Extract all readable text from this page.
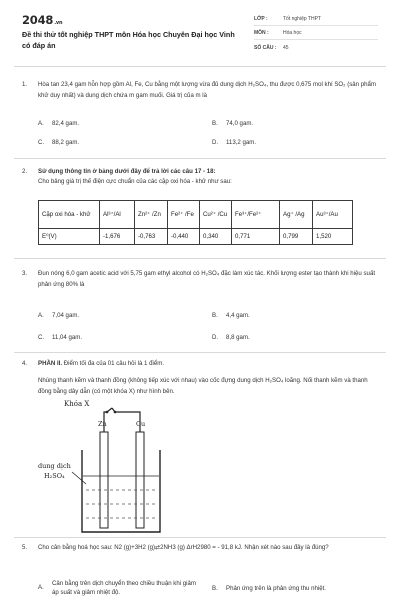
2048.vn
Đề thi thử tốt nghiệp THPT môn Hóa học Chuyên Đại học Vinh có đáp án
LỚP :	Tốt nghiệp THPT
MÔN :	Hóa học
SỐ CÂU : 45
1. Hòa tan 23,4 gam hỗn hợp gồm Al, Fe, Cu bằng một lượng vừa đủ dung dịch H₂SO₄, thu được 0,675 mol khí SO₂ (sản phẩm khử duy nhất) và dung dịch chứa m gam muối. Giá trị của m là
A. 82,4 gam.	B. 74,0 gam.
C. 88,2 gam.	D. 113,2 gam.
2. Sử dụng thông tin ở bảng dưới đây để trả lời các câu 17 - 18:
Cho bảng giá trị thế điện cực chuẩn của các cặp oxi hóa - khử như sau:
Cặp oxi hóa - khử	Al³⁺/Al	Zn²⁺ /Zn	Fe²⁺ /Fe	Cu²⁺ /Cu	Fe³⁺/Fe²⁺	Ag⁺ /Ag	Au³⁺/Au
E⁰(V)	-1,676	-0,763	-0,440	0,340	0,771	0,799	1,520
3. Đun nóng 6,0 gam acetic acid với 5,75 gam ethyl alcohol có H₂SO₄ đặc làm xúc tác. Khối lượng ester tạo thành khi hiệu suất phản ứng 80% là
A. 7,04 gam.	B. 4,4 gam.
C. 11,04 gam.	D. 8,8 gam.
4. PHẦN II. Điểm tối đa của 01 câu hỏi là 1 điểm.
Nhúng thanh kẽm và thanh đồng (không tiếp xúc với nhau) vào cốc đựng dung dịch H₂SO₄ loãng. Nối thanh kẽm và thanh đồng bằng dây dẫn (có một khóa X) như hình bên.
Khóa X
Zn	Cu
dung dịch
H₂SO₄
5. Cho cân bằng hoá học sau: N2 (g)+3H2 (g)⇄2NH3 (g) ΔrH2980 = - 91,8 kJ. Nhận xét nào sau đây là đúng?
A.
Cân bằng trên dịch chuyển theo chiều thuận khi giảm áp suất và giảm nhiệt độ.	B. Phản ứng trên là phản ứng thu nhiệt.
